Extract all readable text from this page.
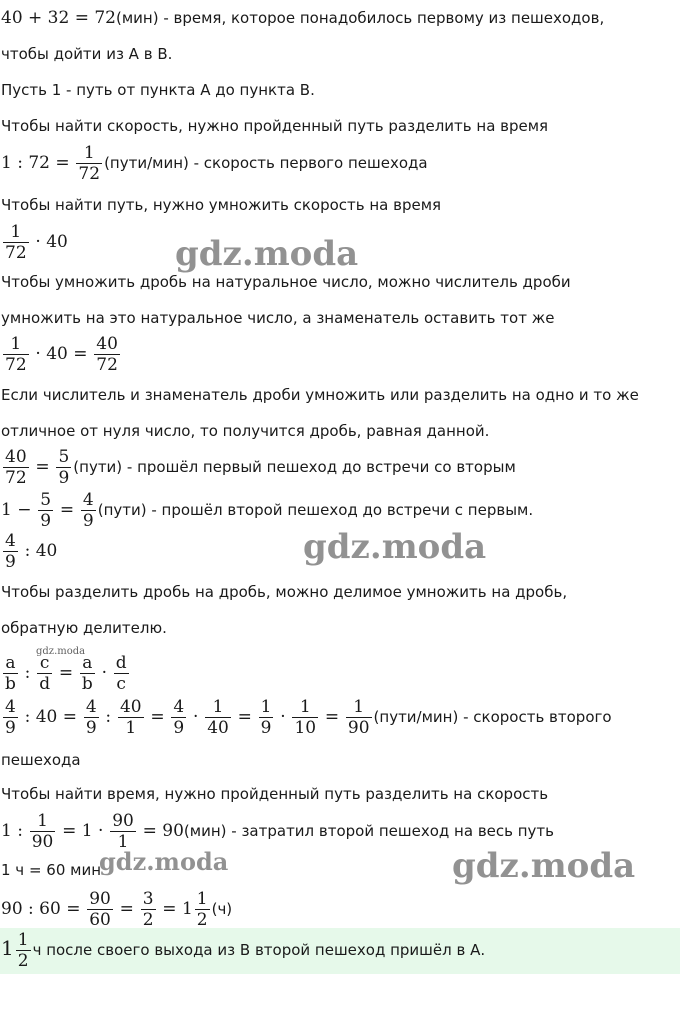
40 + 32 = 72(мин) - время, которое понадобилось первому из пешеходов,
чтобы дойти из А в В.
Пусть 1 - путь от пункта А до пункта В.
Чтобы найти скорость, нужно пройденный путь разделить на время
1 : $72 = \frac{1}{72}$ (пути/мин) - скорость первого пешехода
Чтобы найти путь, нужно умножить скорость на время
$\frac{1}{72} \cdot 40$
Чтобы умножить дробь на натуральное число, можно числитель дроби
умножить на это натуральное число, а знаменатель оставить тот же
$\frac{1}{72} \cdot 40 = \frac{40}{72}$
Если числитель и знаменатель дроби умножить или разделить на одно и то же
отличное от нуля число, то получится дробь, равная данной.
$\frac{40}{72} = \frac{5}{9}$ (пути) - прошёл первый пешеход до встречи со вторым
$1 - \frac{5}{9} = \frac{4}{9}$ (пути) - прошёл второй пешеход до встречи с первым.
$\frac{4}{9}$ : 40
Чтобы разделить дробь на дробь, можно делимое умножить на дробь,
обратную делителю.
$\frac{a}{b}$ : $\frac{c}{d} = \frac{a}{b} \cdot \frac{d}{c}$
$\frac{4}{9}$ : $40 = \frac{4}{9}$ : $\frac{40}{1} = \frac{4}{9} \cdot \frac{1}{40} = \frac{1}{9} \cdot \frac{1}{10} = \frac{1}{90}$ (пути/мин) - скорость второго
пешехода
Чтобы найти время, нужно пройденный путь разделить на скорость
1 : $\frac{1}{90} = 1 \cdot \frac{90}{1} = 90(мин)$ - затратил второй пешеход на весь путь
1 ч = 60 мин
90 : $60 = \frac{90}{60} = \frac{3}{2} = 1 \frac{1}{2} (ч)$
$1 \frac{1}{2}$ ч после своего выхода из В второй пешеход пришёл в А.
gdz.moda
gdz.moda
gdz.moda
gdz.moda	gdz.moda
